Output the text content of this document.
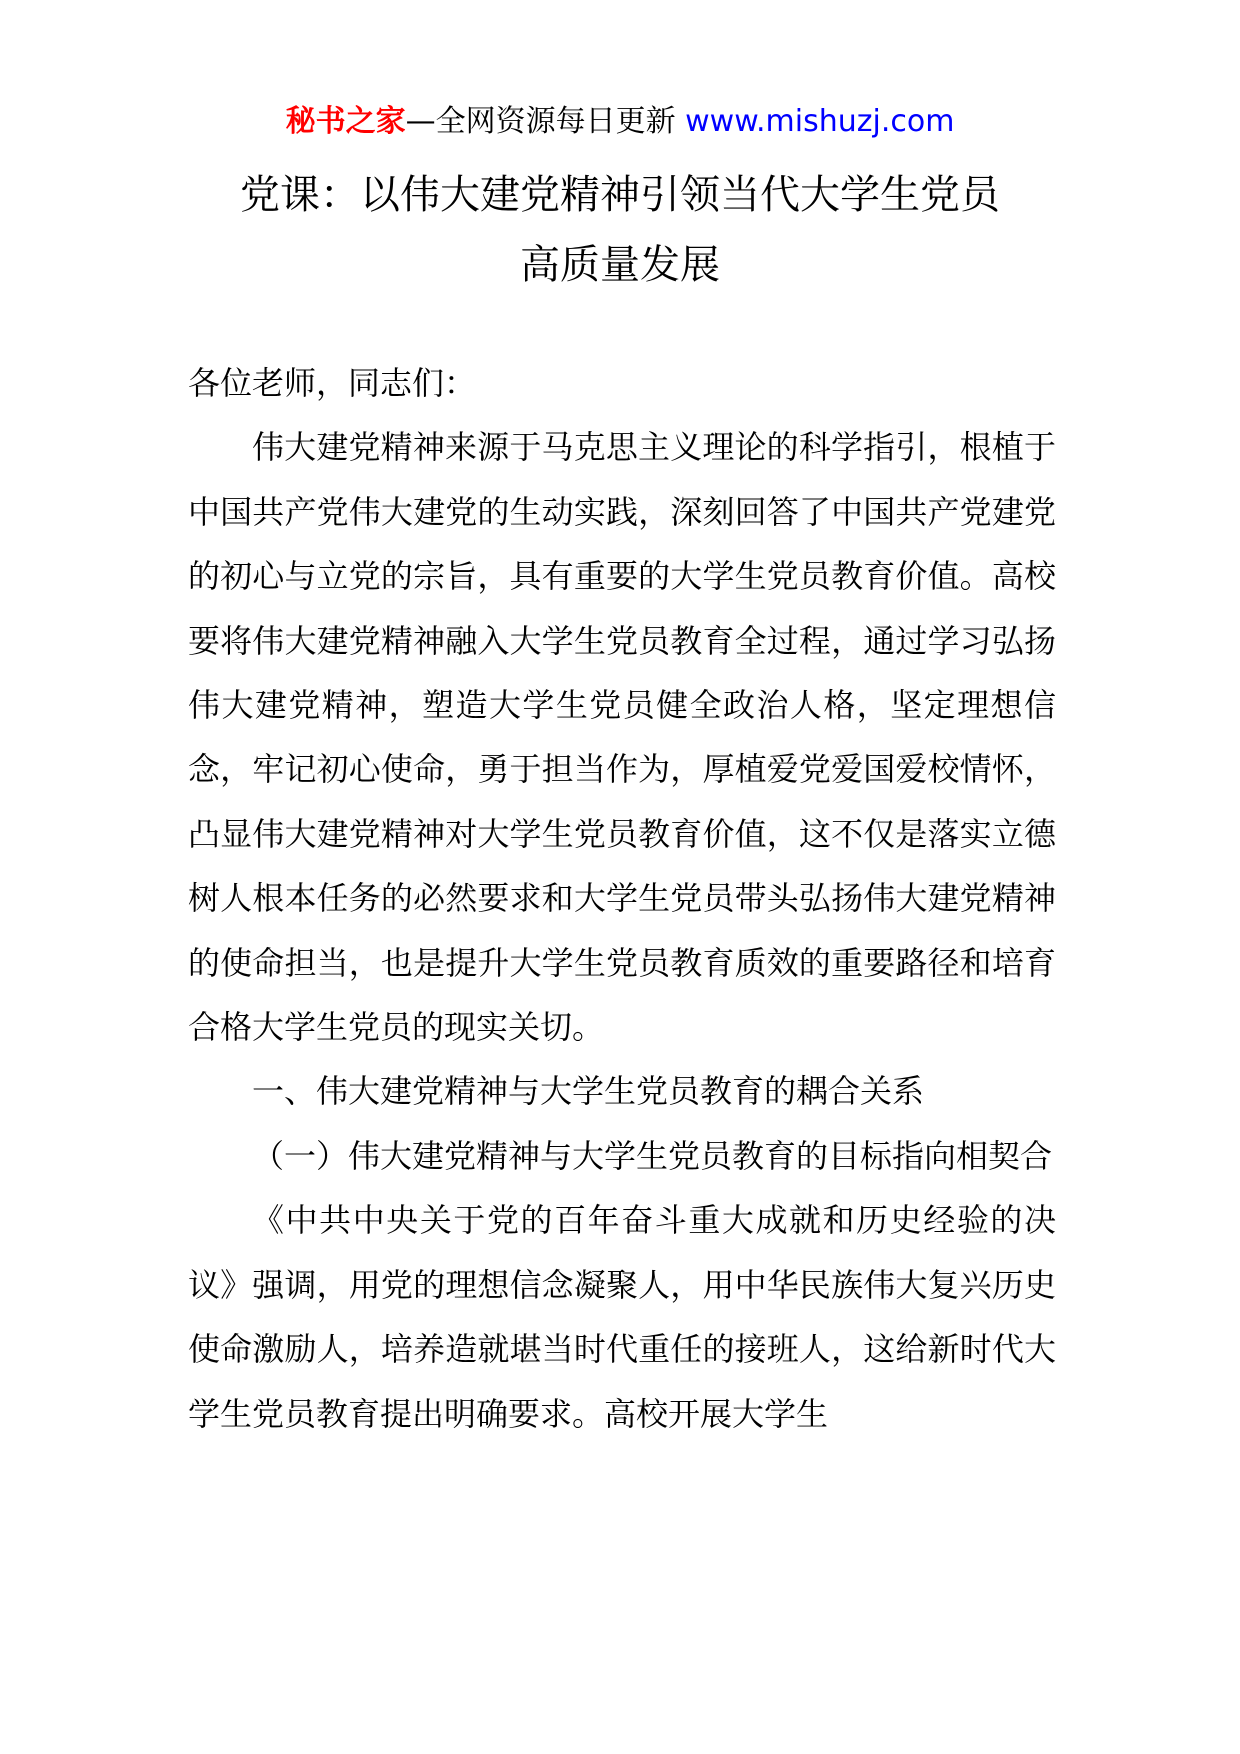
秘书之家—全网资源每日更新 www.mishuzj.com
党课：以伟大建党精神引领当代大学生党员
高质量发展

各位老师，同志们：

伟大建党精神来源于马克思主义理论的科学指引，根植于中国共产党伟大建党的生动实践，深刻回答了中国共产党建党的初心与立党的宗旨，具有重要的大学生党员教育价值。高校要将伟大建党精神融入大学生党员教育全过程，通过学习弘扬伟大建党精神，塑造大学生党员健全政治人格，坚定理想信念，牢记初心使命，勇于担当作为，厚植爱党爱国爱校情怀，凸显伟大建党精神对大学生党员教育价值，这不仅是落实立德树人根本任务的必然要求和大学生党员带头弘扬伟大建党精神的使命担当，也是提升大学生党员教育质效的重要路径和培育合格大学生党员的现实关切。

一、伟大建党精神与大学生党员教育的耦合关系

（一）伟大建党精神与大学生党员教育的目标指向相契合

《中共中央关于党的百年奋斗重大成就和历史经验的决议》强调，用党的理想信念凝聚人，用中华民族伟大复兴历史使命激励人，培养造就堪当时代重任的接班人，这给新时代大学生党员教育提出明确要求。高校开展大学生
